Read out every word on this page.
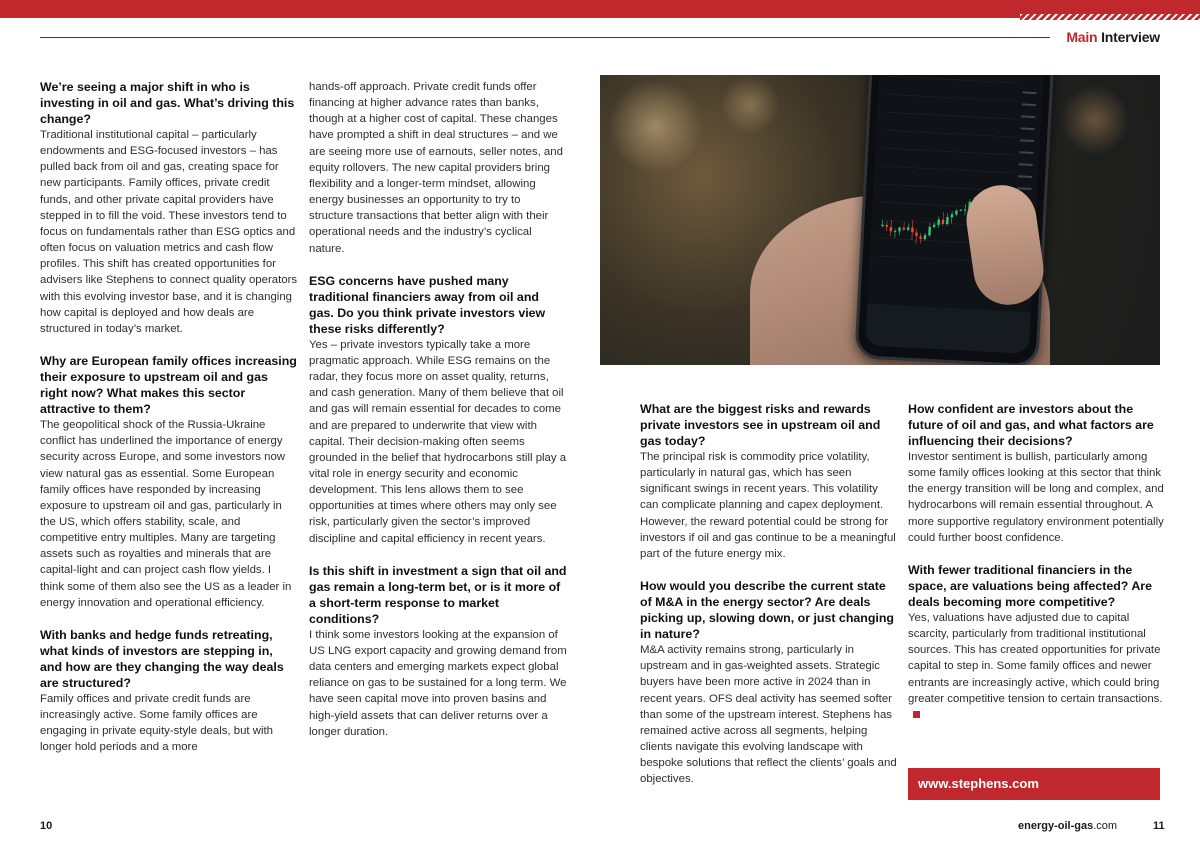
Main Interview
We’re seeing a major shift in who is investing in oil and gas. What’s driving this change?

Traditional institutional capital – particularly endowments and ESG-focused investors – has pulled back from oil and gas, creating space for new participants. Family offices, private credit funds, and other private capital providers have stepped in to fill the void. These investors tend to focus on fundamentals rather than ESG optics and often focus on valuation metrics and cash flow profiles. This shift has created opportunities for advisers like Stephens to connect quality operators with this evolving investor base, and it is changing how capital is deployed and how deals are structured in today’s market.

Why are European family offices increasing their exposure to upstream oil and gas right now? What makes this sector attractive to them?

The geopolitical shock of the Russia-Ukraine conflict has underlined the importance of energy security across Europe, and some investors now view natural gas as essential. Some European family offices have responded by increasing exposure to upstream oil and gas, particularly in the US, which offers stability, scale, and competitive entry multiples. Many are targeting assets such as royalties and minerals that are capital-light and can project cash flow yields. I think some of them also see the US as a leader in energy innovation and operational efficiency.

With banks and hedge funds retreating, what kinds of investors are stepping in, and how are they changing the way deals are structured?

Family offices and private credit funds are increasingly active. Some family offices are engaging in private equity-style deals, but with longer hold periods and a more

hands-off approach. Private credit funds offer financing at higher advance rates than banks, though at a higher cost of capital. These changes have prompted a shift in deal structures – and we are seeing more use of earnouts, seller notes, and equity rollovers. The new capital providers bring flexibility and a longer-term mindset, allowing energy businesses an opportunity to try to structure transactions that better align with their operational needs and the industry’s cyclical nature.

ESG concerns have pushed many traditional financiers away from oil and gas. Do you think private investors view these risks differently?

Yes – private investors typically take a more pragmatic approach. While ESG remains on the radar, they focus more on asset quality, returns, and cash generation. Many of them believe that oil and gas will remain essential for decades to come and are prepared to underwrite that view with capital. Their decision-making often seems grounded in the belief that hydrocarbons still play a vital role in energy security and economic development. This lens allows them to see opportunities at times where others may only see risk, particularly given the sector’s improved discipline and capital efficiency in recent years.

Is this shift in investment a sign that oil and gas remain a long-term bet, or is it more of a short-term response to market conditions?

I think some investors looking at the expansion of US LNG export capacity and growing demand from data centers and emerging markets expect global reliance on gas to be sustained for a long term. We have seen capital move into proven basins and high-yield assets that can deliver returns over a longer duration.

What are the biggest risks and rewards private investors see in upstream oil and gas today?

The principal risk is commodity price volatility, particularly in natural gas, which has seen significant swings in recent years. This volatility can complicate planning and capex deployment. However, the reward potential could be strong for investors if oil and gas continue to be a meaningful part of the future energy mix.

How would you describe the current state of M&A in the energy sector? Are deals picking up, slowing down, or just changing in nature?

M&A activity remains strong, particularly in upstream and in gas-weighted assets. Strategic buyers have been more active in 2024 than in recent years. OFS deal activity has seemed softer than some of the upstream interest. Stephens has remained active across all segments, helping clients navigate this evolving landscape with bespoke solutions that reflect the clients’ goals and objectives.

How confident are investors about the future of oil and gas, and what factors are influencing their decisions?

Investor sentiment is bullish, particularly among some family offices looking at this sector that think the energy transition will be long and complex, and hydrocarbons will remain essential throughout. A more supportive regulatory environment potentially could further boost confidence.

With fewer traditional financiers in the space, are valuations being affected? Are deals becoming more competitive?

Yes, valuations have adjusted due to capital scarcity, particularly from traditional institutional sources. This has created opportunities for private capital to step in. Some family offices and newer entrants are increasingly active, which could bring greater competitive tension to certain transactions.

www.stephens.com
10	energy-oil-gas.com	11
